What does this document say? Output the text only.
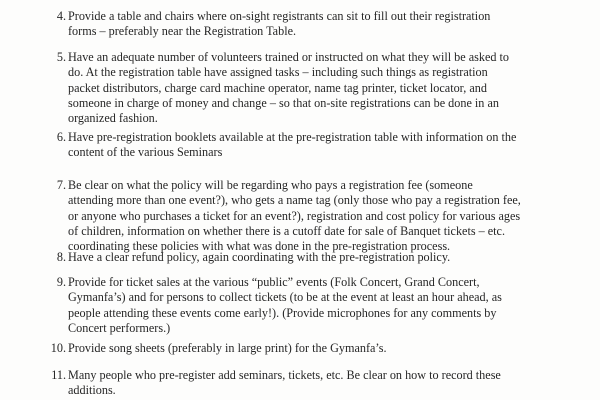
4. Provide a table and chairs where on-sight registrants can sit to fill out their registration
forms – preferably near the Registration Table.
5. Have an adequate number of volunteers trained or instructed on what they will be asked to
do. At the registration table have assigned tasks – including such things as registration
packet distributors, charge card machine operator, name tag printer, ticket locator, and
someone in charge of money and change – so that on-site registrations can be done in an
organized fashion.
6. Have pre-registration booklets available at the pre-registration table with information on the
content of the various Seminars
7. Be clear on what the policy will be regarding who pays a registration fee (someone
attending more than one event?), who gets a name tag (only those who pay a registration fee,
or anyone who purchases a ticket for an event?), registration and cost policy for various ages
of children, information on whether there is a cutoff date for sale of Banquet tickets – etc.
coordinating these policies with what was done in the pre-registration process.
8. Have a clear refund policy, again coordinating with the pre-registration policy.
9. Provide for ticket sales at the various “public” events (Folk Concert, Grand Concert,
Gymanfa’s) and for persons to collect tickets (to be at the event at least an hour ahead, as
people attending these events come early!). (Provide microphones for any comments by
Concert performers.)
10. Provide song sheets (preferably in large print) for the Gymanfa’s.
11. Many people who pre-register add seminars, tickets, etc. Be clear on how to record these
additions.
